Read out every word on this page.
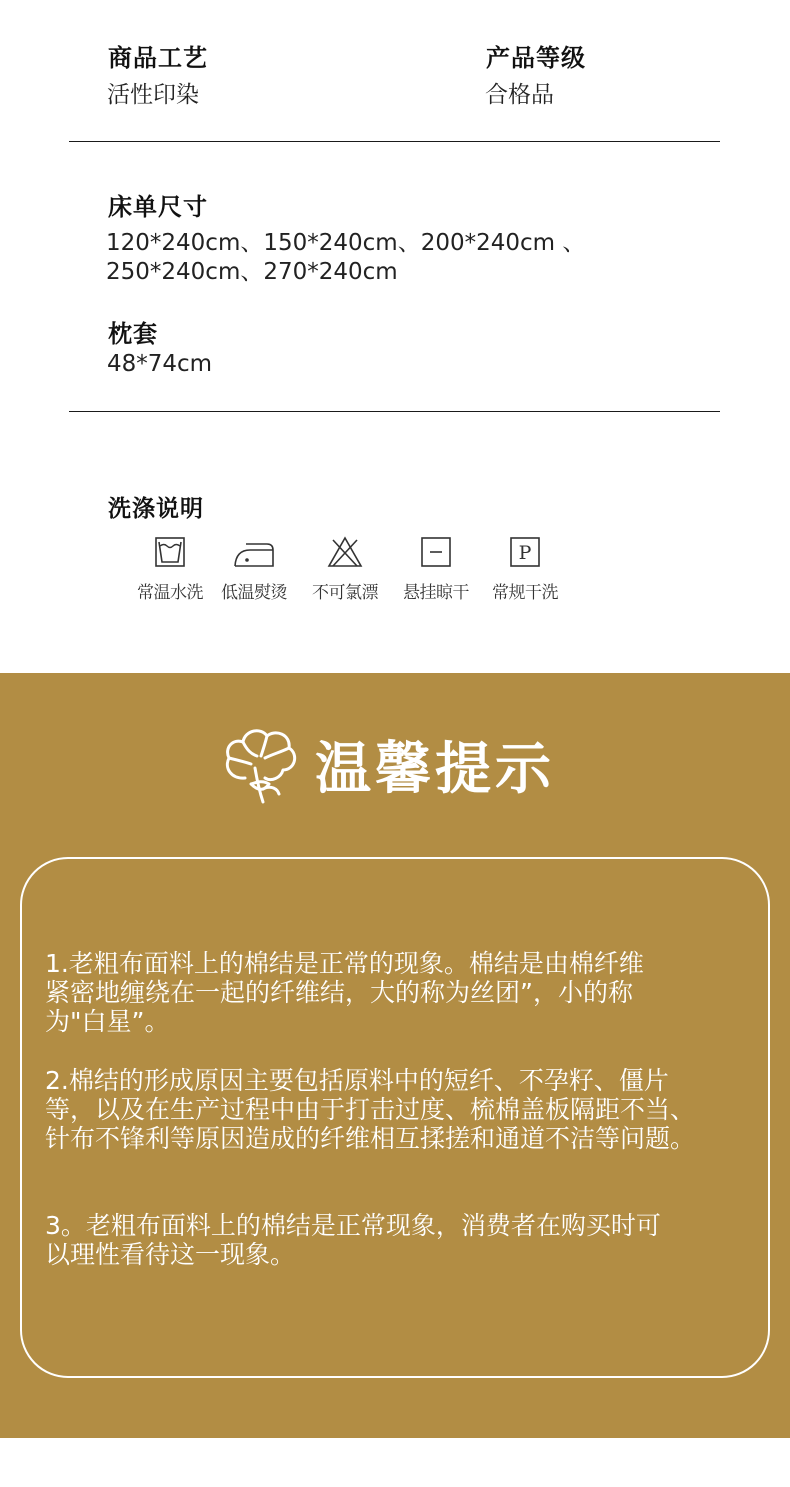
商品工艺
活性印染
产品等级
合格品
床单尺寸
120*240cm、150*240cm、200*240cm 、
250*240cm、270*240cm
枕套
48*74cm
洗涤说明
常温水洗	低温熨烫	不可氯漂	悬挂晾干
P
常规干洗
温馨提示
1.老粗布面料上的棉结是正常的现象。棉结是由棉纤维
紧密地缠绕在一起的纤维结，大的称为丝团”，小的称
为"白星”。
2.棉结的形成原因主要包括原料中的短纤、不孕籽、僵片
等，以及在生产过程中由于打击过度、梳棉盖板隔距不当、
针布不锋利等原因造成的纤维相互揉搓和通道不洁等问题。
3。老粗布面料上的棉结是正常现象，消费者在购买时可
以理性看待这一现象。
